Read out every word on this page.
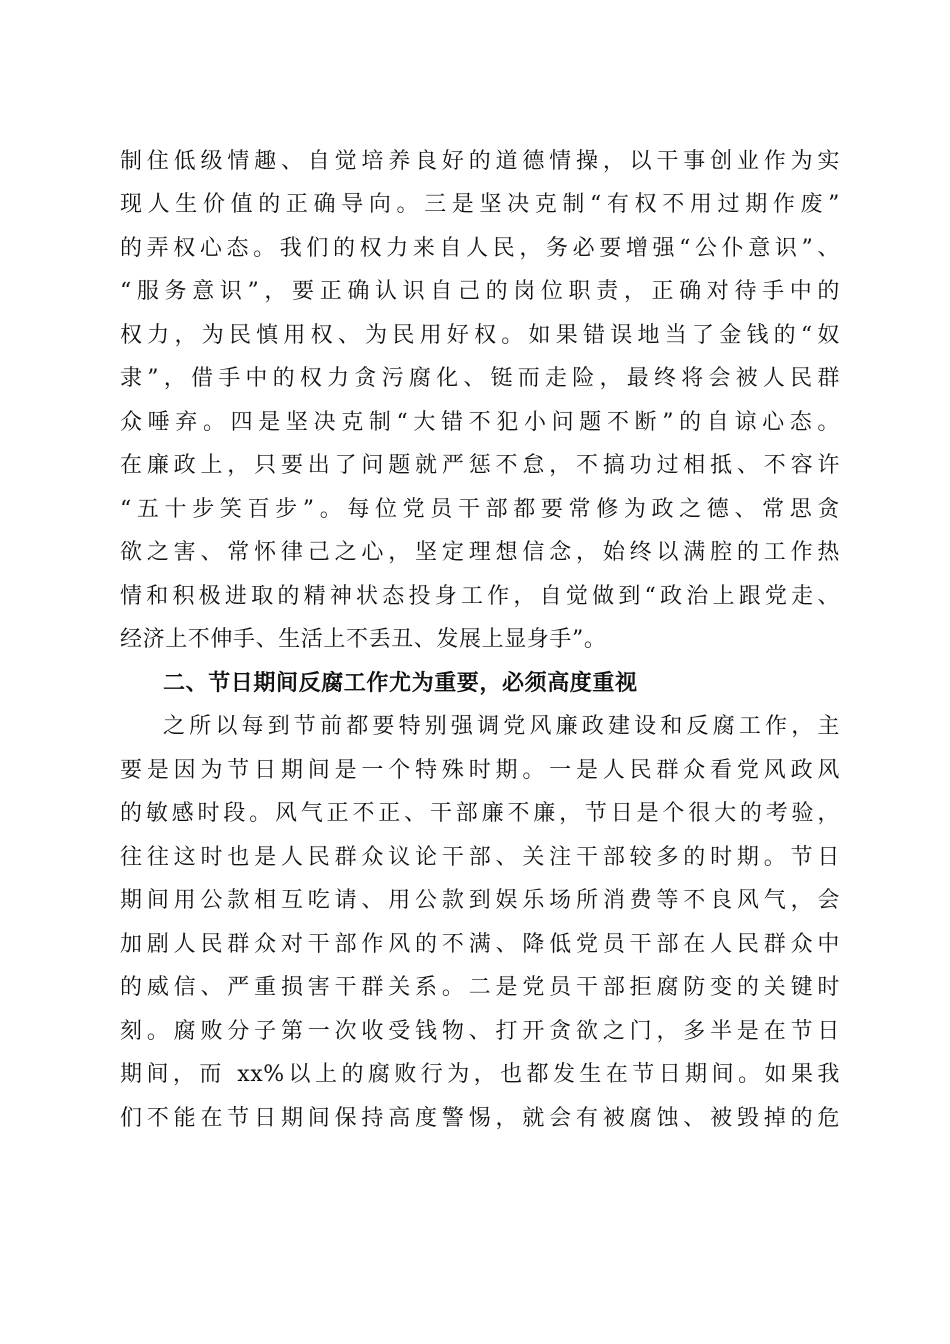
制住低级情趣、自觉培养良好的道德情操，以干事创业作为实
现人生价值的正确导向。三是坚决克制“有权不用过期作废”
的弄权心态。我们的权力来自人民，务必要增强“公仆意识”、
“服务意识”，要正确认识自己的岗位职责，正确对待手中的
权力，为民慎用权、为民用好权。如果错误地当了金钱的“奴
隶”，借手中的权力贪污腐化、铤而走险，最终将会被人民群
众唾弃。四是坚决克制“大错不犯小问题不断”的自谅心态。
在廉政上，只要出了问题就严惩不怠，不搞功过相抵、不容许
“五十步笑百步”。每位党员干部都要常修为政之德、常思贪
欲之害、常怀律己之心，坚定理想信念，始终以满腔的工作热
情和积极进取的精神状态投身工作，自觉做到“政治上跟党走、
经济上不伸手、生活上不丢丑、发展上显身手”。
二、节日期间反腐工作尤为重要，必须高度重视
之所以每到节前都要特别强调党风廉政建设和反腐工作，主
要是因为节日期间是一个特殊时期。一是人民群众看党风政风
的敏感时段。风气正不正、干部廉不廉，节日是个很大的考验，
往往这时也是人民群众议论干部、关注干部较多的时期。节日
期间用公款相互吃请、用公款到娱乐场所消费等不良风气，会
加剧人民群众对干部作风的不满、降低党员干部在人民群众中
的威信、严重损害干群关系。二是党员干部拒腐防变的关键时
刻。腐败分子第一次收受钱物、打开贪欲之门，多半是在节日
期间，而 xx%以上的腐败行为，也都发生在节日期间。如果我
们不能在节日期间保持高度警惕，就会有被腐蚀、被毁掉的危
